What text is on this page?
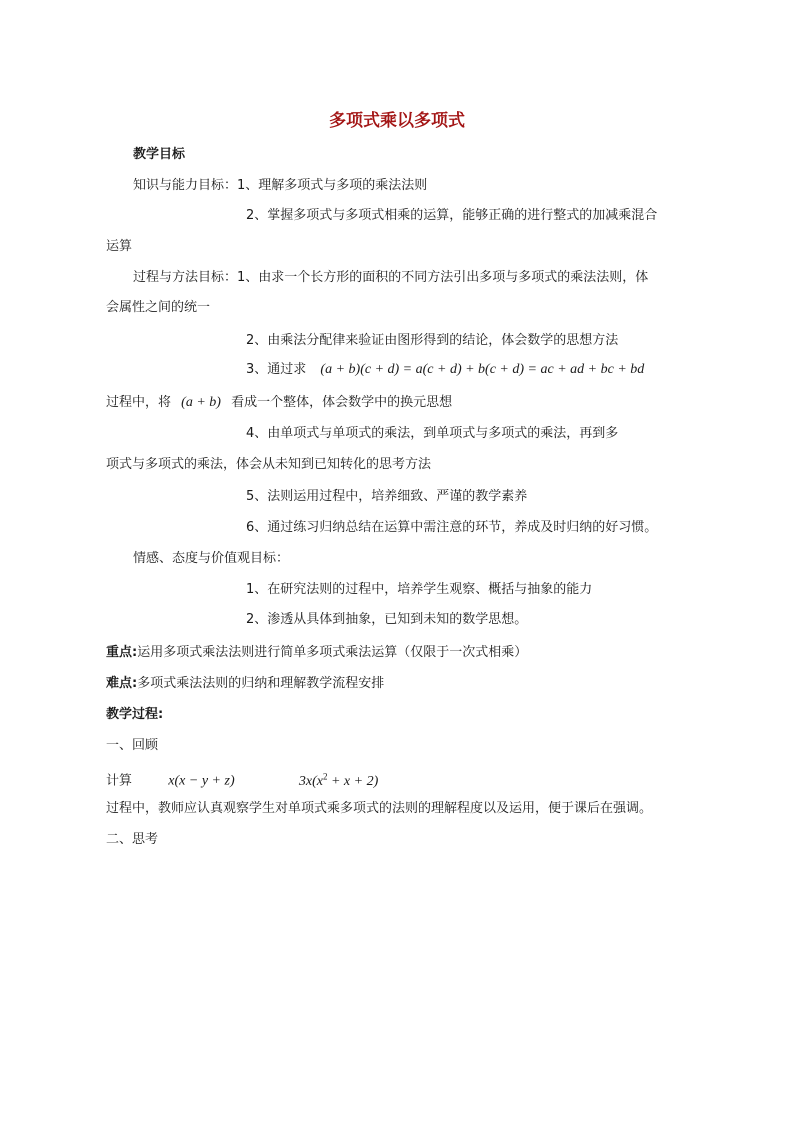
多项式乘以多项式
教学目标
知识与能力目标：1、理解多项式与多项的乘法法则
2、掌握多项式与多项式相乘的运算，能够正确的进行整式的加减乘混合
运算
过程与方法目标：1、由求一个长方形的面积的不同方法引出多项与多项式的乘法法则，体
会属性之间的统一
2、由乘法分配律来验证由图形得到的结论，体会数学的思想方法
3、通过求 (a + b)(c + d) = a(c + d) + b(c + d) = ac + ad + bc + bd
过程中，将 (a + b) 看成一个整体，体会数学中的换元思想
4、由单项式与单项式的乘法，到单项式与多项式的乘法，再到多
项式与多项式的乘法，体会从未知到已知转化的思考方法
5、法则运用过程中，培养细致、严谨的教学素养
6、通过练习归纳总结在运算中需注意的环节，养成及时归纳的好习惯。
情感、态度与价值观目标：
1、在研究法则的过程中，培养学生观察、概括与抽象的能力
2、渗透从具体到抽象，已知到未知的数学思想。
重点:运用多项式乘法法则进行简单多项式乘法运算（仅限于一次式相乘）
难点:多项式乘法法则的归纳和理解教学流程安排
教学过程:
一、回顾
计算	x(x − y + z)	$3x(x^2 + x + 2)$
过程中，教师应认真观察学生对单项式乘多项式的法则的理解程度以及运用，便于课后在强调。
二、思考
